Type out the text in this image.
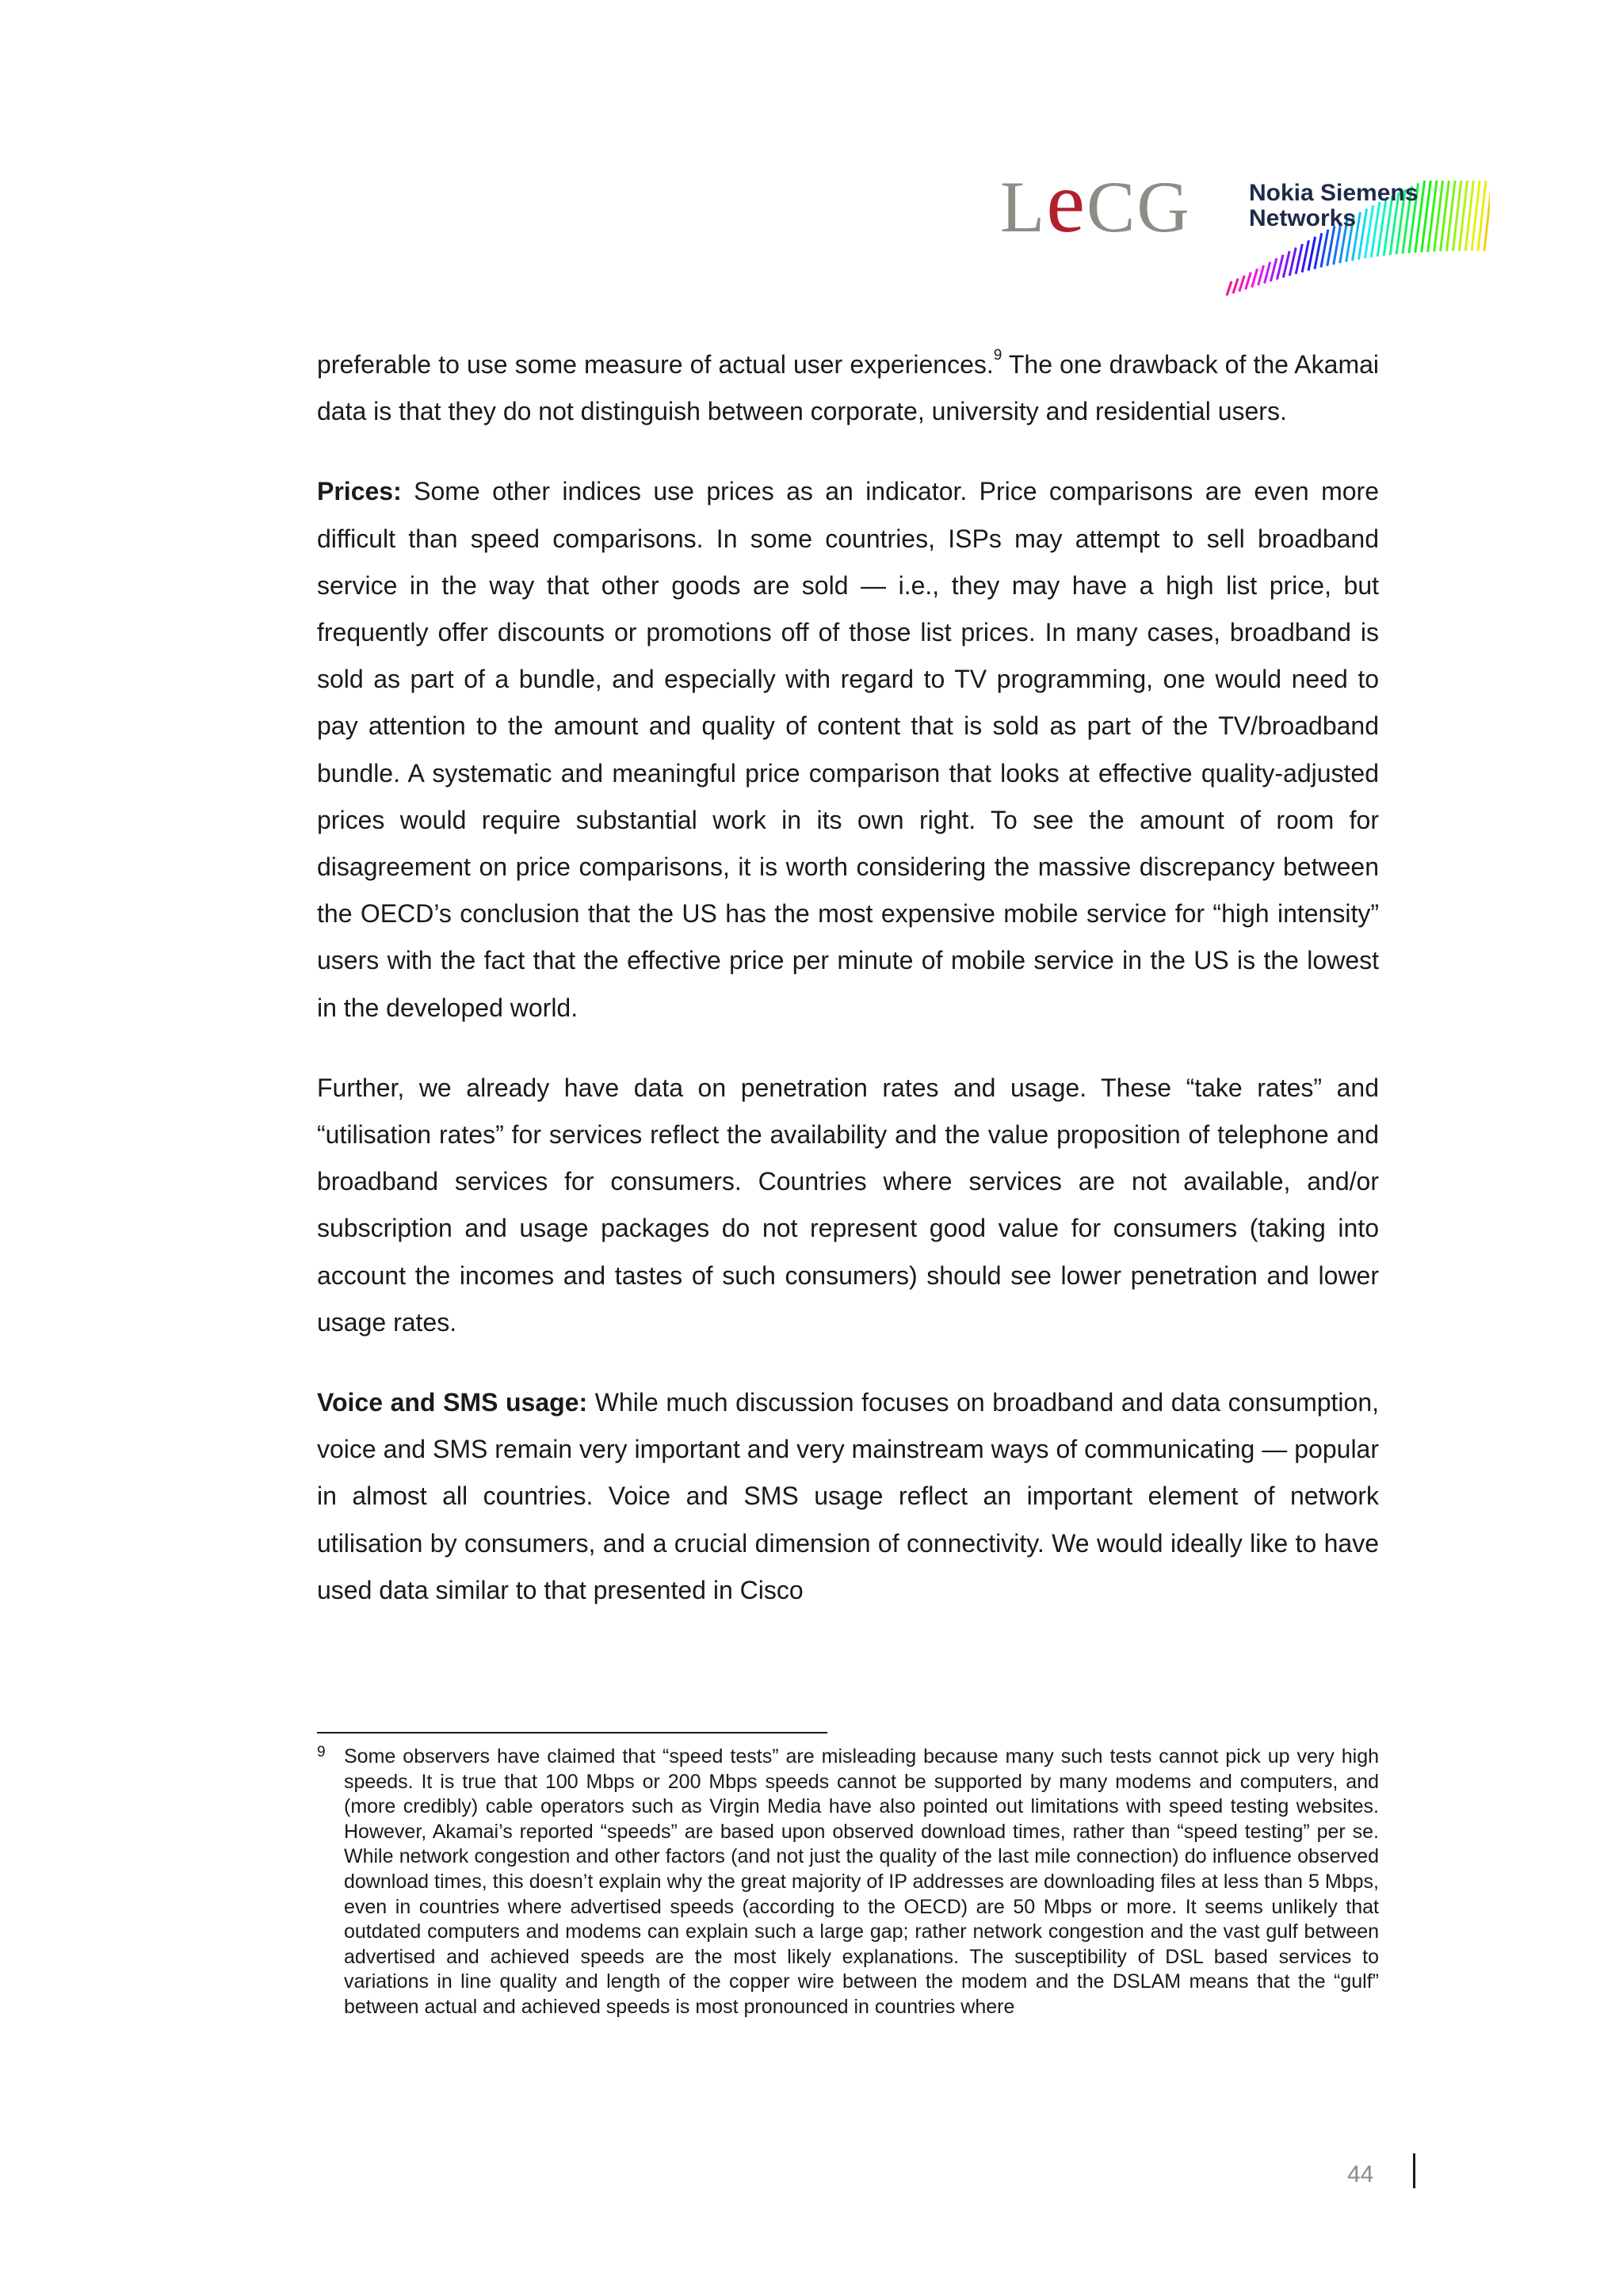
LeCG Nokia Siemens
Networks

preferable to use some measure of actual user experiences.$^9$ The one drawback of the Akamai data is that they do not distinguish between corporate, university and residential users.

Prices: Some other indices use prices as an indicator. Price comparisons are even more difficult than speed comparisons. In some countries, ISPs may attempt to sell broadband service in the way that other goods are sold — i.e., they may have a high list price, but frequently offer discounts or promotions off of those list prices. In many cases, broadband is sold as part of a bundle, and especially with regard to TV programming, one would need to pay attention to the amount and quality of content that is sold as part of the TV/broadband bundle. A systematic and meaningful price comparison that looks at effective quality-adjusted prices would require substantial work in its own right. To see the amount of room for disagreement on price comparisons, it is worth considering the massive discrepancy between the OECD’s conclusion that the US has the most expensive mobile service for “high intensity” users with the fact that the effective price per minute of mobile service in the US is the lowest in the developed world.

Further, we already have data on penetration rates and usage. These “take rates” and “utilisation rates” for services reflect the availability and the value proposition of telephone and broadband services for consumers. Countries where services are not available, and/or subscription and usage packages do not represent good value for consumers (taking into account the incomes and tastes of such consumers) should see lower penetration and lower usage rates.

Voice and SMS usage: While much discussion focuses on broadband and data consumption, voice and SMS remain very important and very mainstream ways of communicating — popular in almost all countries. Voice and SMS usage reflect an important element of network utilisation by consumers, and a crucial dimension of connectivity. We would ideally like to have used data similar to that presented in Cisco

9 Some observers have claimed that “speed tests” are misleading because many such tests cannot pick up very high speeds. It is true that 100 Mbps or 200 Mbps speeds cannot be supported by many modems and computers, and (more credibly) cable operators such as Virgin Media have also pointed out limitations with speed testing websites. However, Akamai’s reported “speeds” are based upon observed download times, rather than “speed testing” per se. While network congestion and other factors (and not just the quality of the last mile connection) do influence observed download times, this doesn’t explain why the great majority of IP addresses are downloading files at less than 5 Mbps, even in countries where advertised speeds (according to the OECD) are 50 Mbps or more. It seems unlikely that outdated computers and modems can explain such a large gap; rather network congestion and the vast gulf between advertised and achieved speeds are the most likely explanations. The susceptibility of DSL based services to variations in line quality and length of the copper wire between the modem and the DSLAM means that the “gulf” between actual and achieved speeds is most pronounced in countries where
44
